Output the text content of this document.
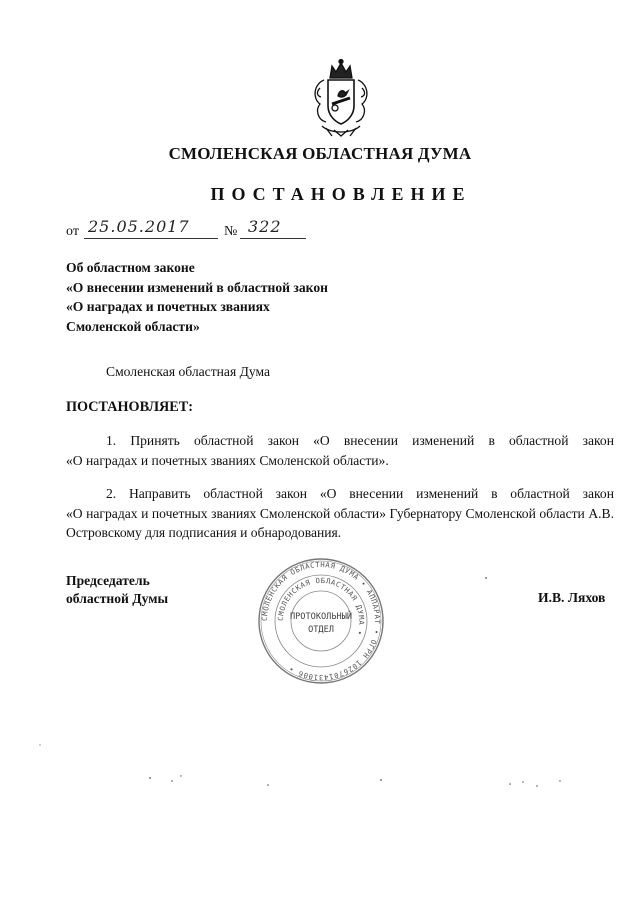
СМОЛЕНСКАЯ ОБЛАСТНАЯ ДУМА
ПОСТАНОВЛЕНИЕ
от 25.05.2017 № 322
Об областном законе
«О внесении изменений в областной закон
«О наградах и почетных званиях
Смоленской области»
Смоленская областная Дума
ПОСТАНОВЛЯЕТ:
1. Принять областной закон «О внесении изменений в областной закон
«О наградах и почетных званиях Смоленской области».
2. Направить областной закон «О внесении изменений в областной закон
«О наградах и почетных званиях Смоленской области» Губернатору Смоленской области А.В. Островскому для подписания и обнародования.
Председатель
областной Думы	И.В. Ляхов
СМОЛЕНСКАЯ ОБЛАСТНАЯ ДУМА • АППАРАТ • ОГРН 1026701431006 •
СМОЛЕНСКАЯ ОБЛАСТНАЯ ДУМА •
ПРОТОКОЛЬНЫЙ
ОТДЕЛ
